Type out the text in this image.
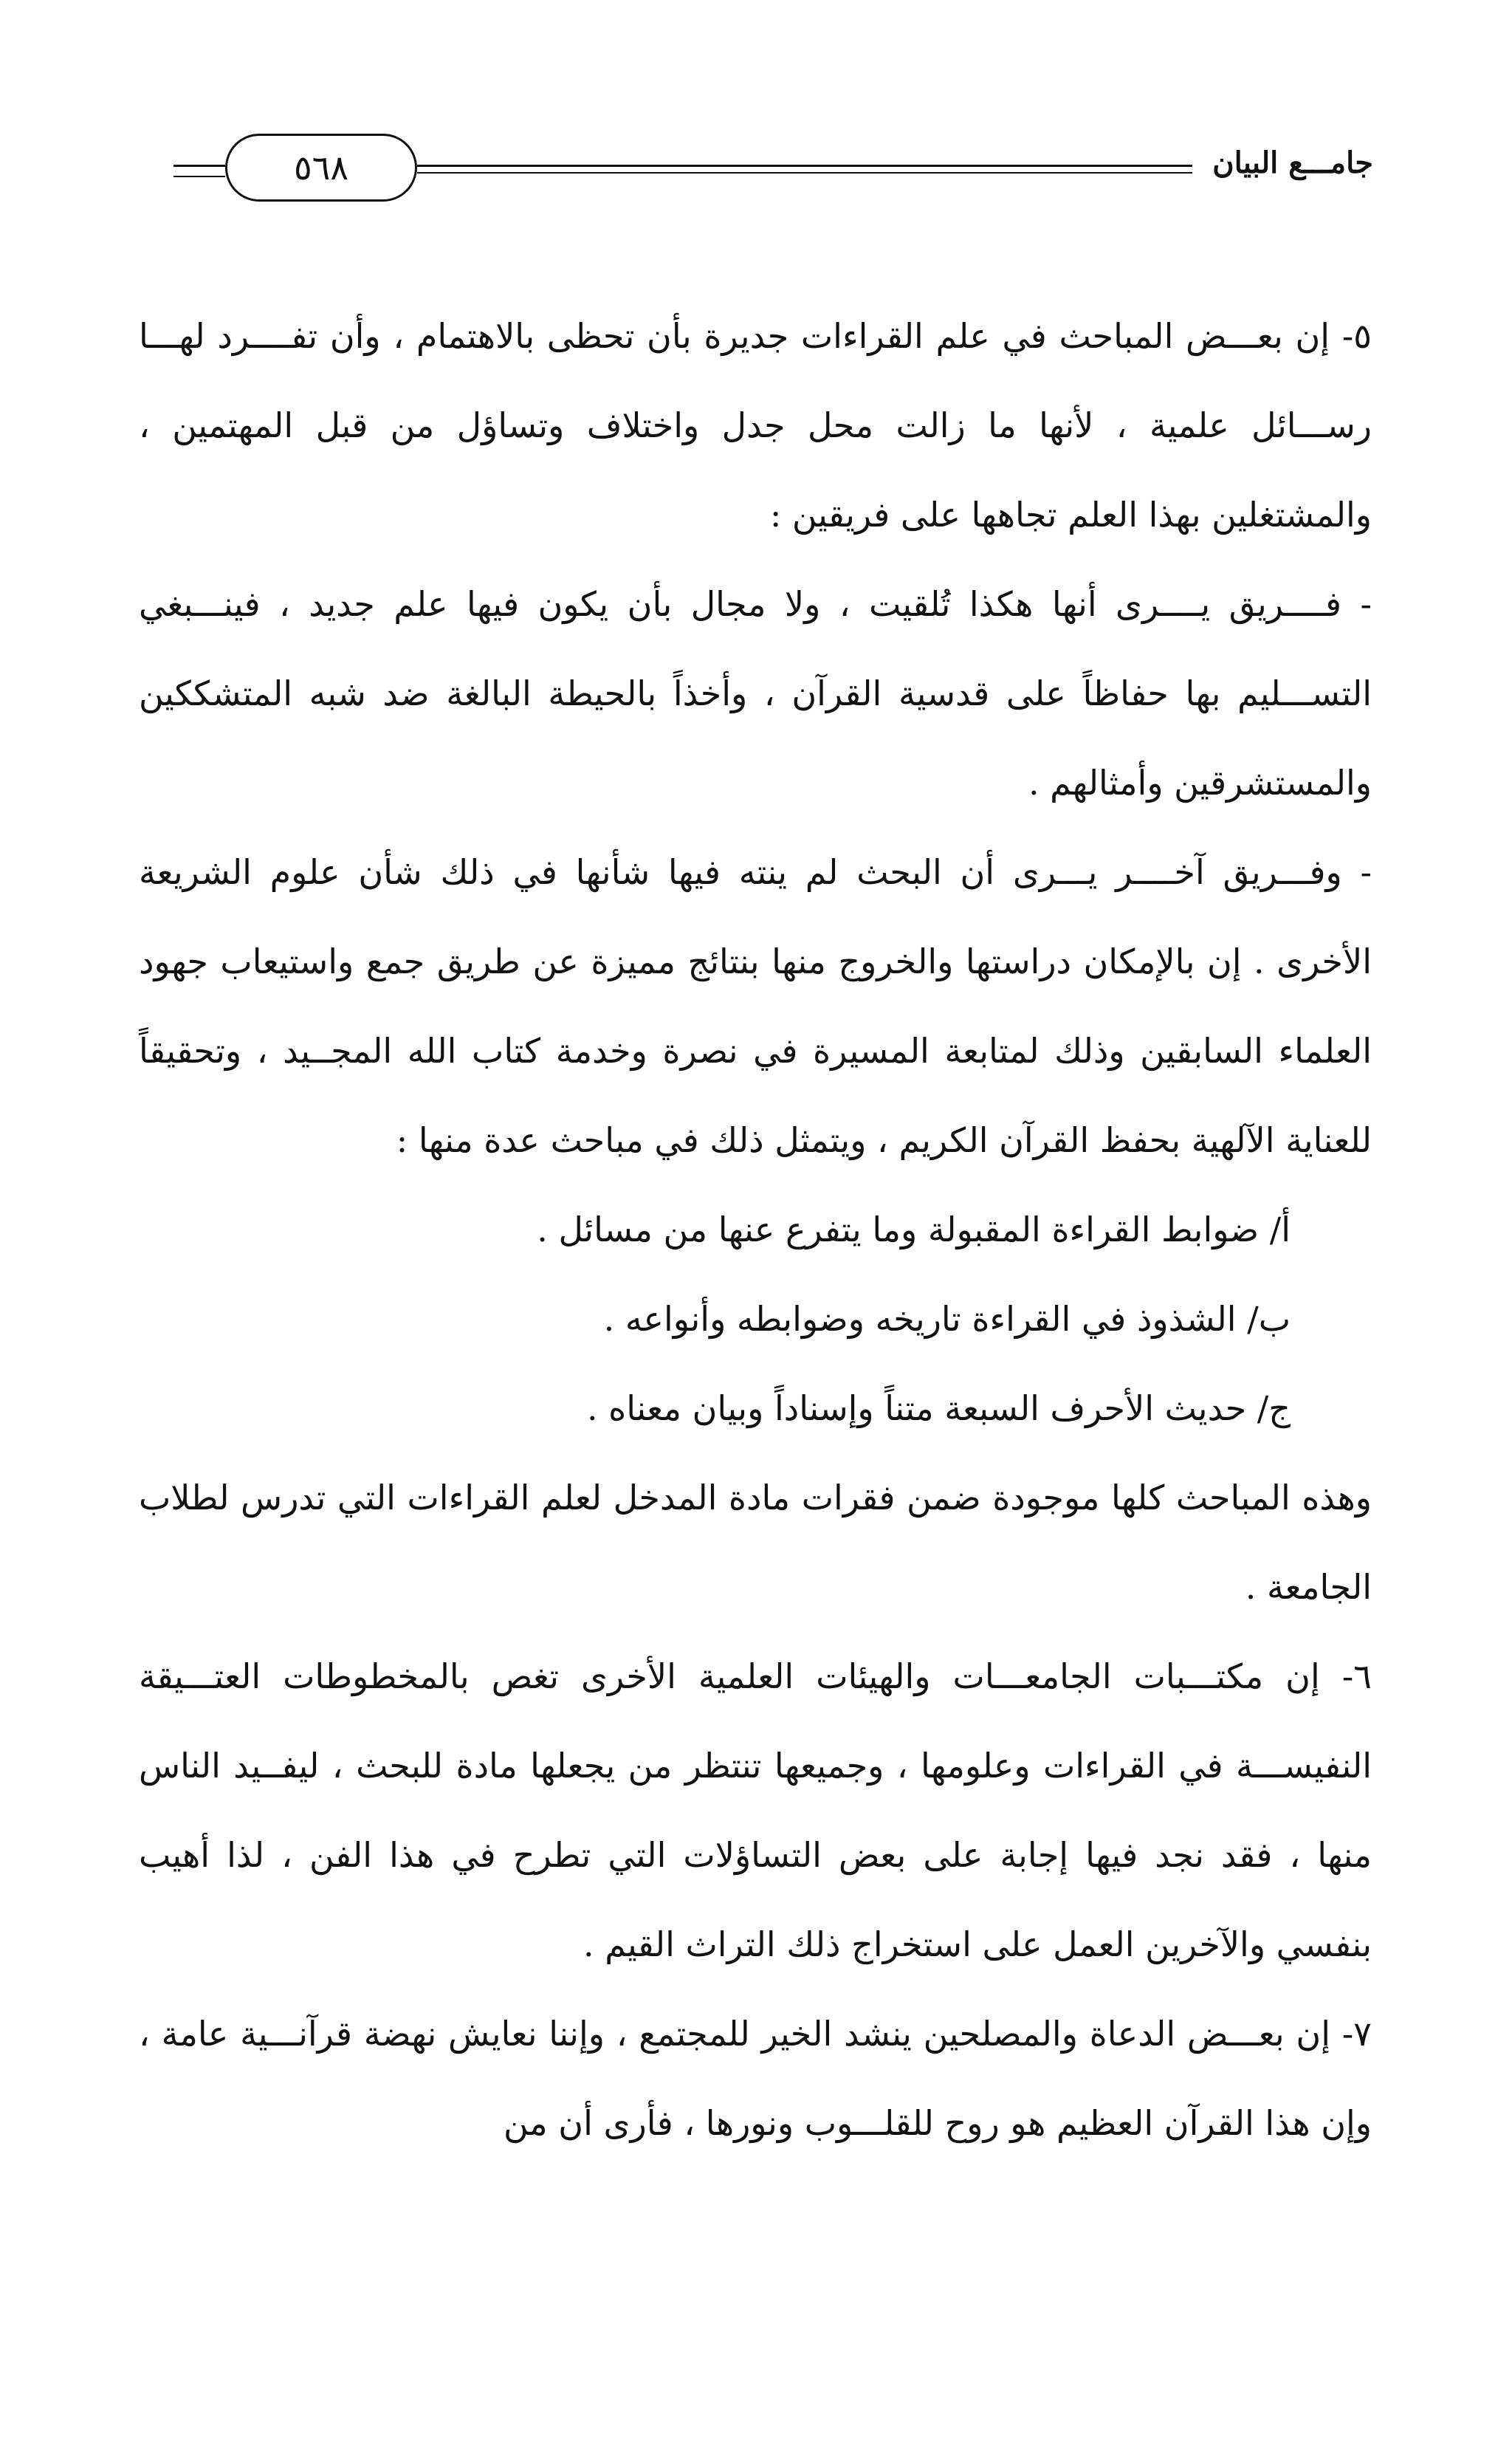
جامـــع البيان
٥٦٨

٥- إن بعـــض المباحث في علم القراءات جديرة بأن تحظى بالاهتمام ، وأن تفــــرد لهـــا رســـائل علمية ، لأنها ما زالت محل جدل واختلاف وتساؤل من قبل المهتمين ، والمشتغلين بهذا العلم تجاهها على فريقين :

- فــــريق يــــرى أنها هكذا تُلقيت ، ولا مجال بأن يكون فيها علم جديد ، فينـــبغي التســـليم بها حفاظاً على قدسية القرآن ، وأخذاً بالحيطة البالغة ضد شبه المتشككين والمستشرقين وأمثالهم .

- وفـــريق آخــــر يـــرى أن البحث لم ينته فيها شأنها في ذلك شأن علوم الشريعة الأخرى . إن بالإمكان دراستها والخروج منها بنتائج مميزة عن طريق جمع واستيعاب جهود العلماء السابقين وذلك لمتابعة المسيرة في نصرة وخدمة كتاب الله المجــيد ، وتحقيقاً للعناية الآلهية بحفظ القرآن الكريم ، ويتمثل ذلك في مباحث عدة منها :

أ/ ضوابط القراءة المقبولة وما يتفرع عنها من مسائل .

ب/ الشذوذ في القراءة تاريخه وضوابطه وأنواعه .

ج/ حديث الأحرف السبعة متناً وإسناداً وبيان معناه .

وهذه المباحث كلها موجودة ضمن فقرات مادة المدخل لعلم القراءات التي تدرس لطلاب الجامعة .

٦- إن مكتـــبات الجامعـــات والهيئات العلمية الأخرى تغص بالمخطوطات العتـــيقة النفيســـة في القراءات وعلومها ، وجميعها تنتظر من يجعلها مادة للبحث ، ليفــيد الناس منها ، فقد نجد فيها إجابة على بعض التساؤلات التي تطرح في هذا الفن ، لذا أهيب بنفسي والآخرين العمل على استخراج ذلك التراث القيم .

٧- إن بعـــض الدعاة والمصلحين ينشد الخير للمجتمع ، وإننا نعايش نهضة قرآنـــية عامة ، وإن هذا القرآن العظيم هو روح للقلـــوب ونورها ، فأرى أن من
